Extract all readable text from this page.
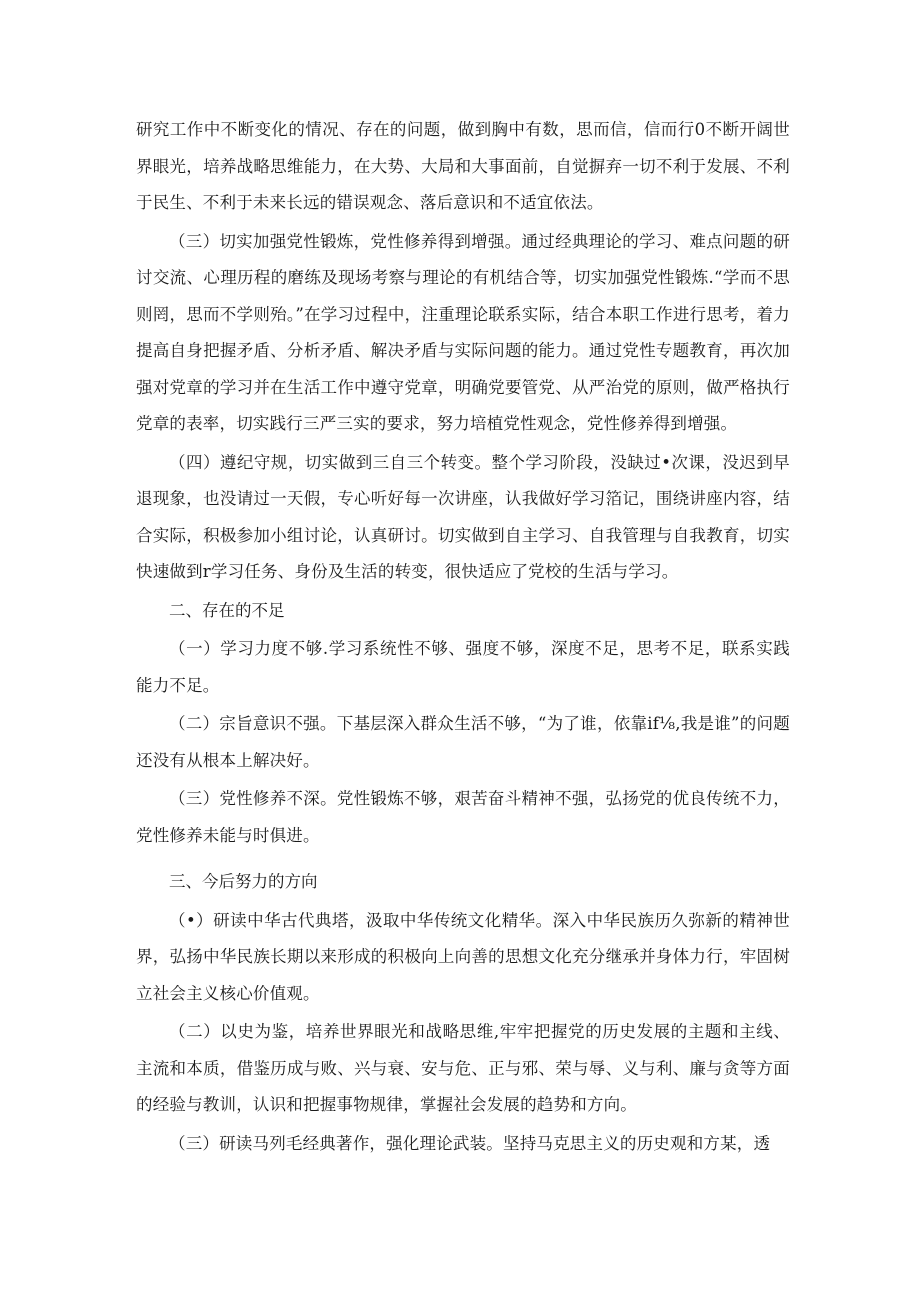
研究工作中不断变化的情况、存在的问题，做到胸中有数，思而信，信而行0不断开阔世界眼光，培养战略思维能力，在大势、大局和大事面前，自觉摒弃一切不利于发展、不利于民生、不利于未来长远的错误观念、落后意识和不适宜依法。

（三）切实加强党性锻炼，党性修养得到增强。通过经典理论的学习、难点问题的研讨交流、心理历程的磨练及现场考察与理论的有机结合等，切实加强党性锻炼.“学而不思则罔，思而不学则殆。”在学习过程中，注重理论联系实际，结合本职工作进行思考，着力提高自身把握矛盾、分析矛盾、解决矛盾与实际问题的能力。通过党性专题教育，再次加强对党章的学习并在生活工作中遵守党章，明确党要管党、从严治党的原则，做严格执行党章的表率，切实践行三严三实的要求，努力培植党性观念，党性修养得到增强。

（四）遵纪守规，切实做到三自三个转变。整个学习阶段，没缺过•次课，没迟到早退现象，也没请过一天假，专心听好每一次讲座，认我做好学习箔记，围绕讲座内容，结合实际，积极参加小组讨论，认真研讨。切实做到自主学习、自我管理与自我教育，切实快速做到r学习任务、身份及生活的转变，很快适应了党校的生活与学习。

二、存在的不足

（一）学习力度不够.学习系统性不够、强度不够，深度不足，思考不足，联系实践能力不足。

（二）宗旨意识不强。下基层深入群众生活不够，“为了谁，依靠if⅛,我是谁”的问题还没有从根本上解决好。

（三）党性修养不深。党性锻炼不够，艰苦奋斗精神不强，弘扬党的优良传统不力，党性修养未能与时俱进。

三、今后努力的方向

（•）研读中华古代典塔，汲取中华传统文化精华。深入中华民族历久弥新的精神世界，弘扬中华民族长期以来形成的积极向上向善的思想文化充分继承并身体力行，牢固树立社会主义核心价值观。

（二）以史为鉴，培养世界眼光和战略思维,牢牢把握党的历史发展的主题和主线、主流和本质，借鉴历成与败、兴与衰、安与危、正与邪、荣与辱、义与利、廉与贪等方面的经验与教训，认识和把握事物规律，掌握社会发展的趋势和方向。

（三）研读马列毛经典著作，强化理论武装。坚持马克思主义的历史观和方某，透
